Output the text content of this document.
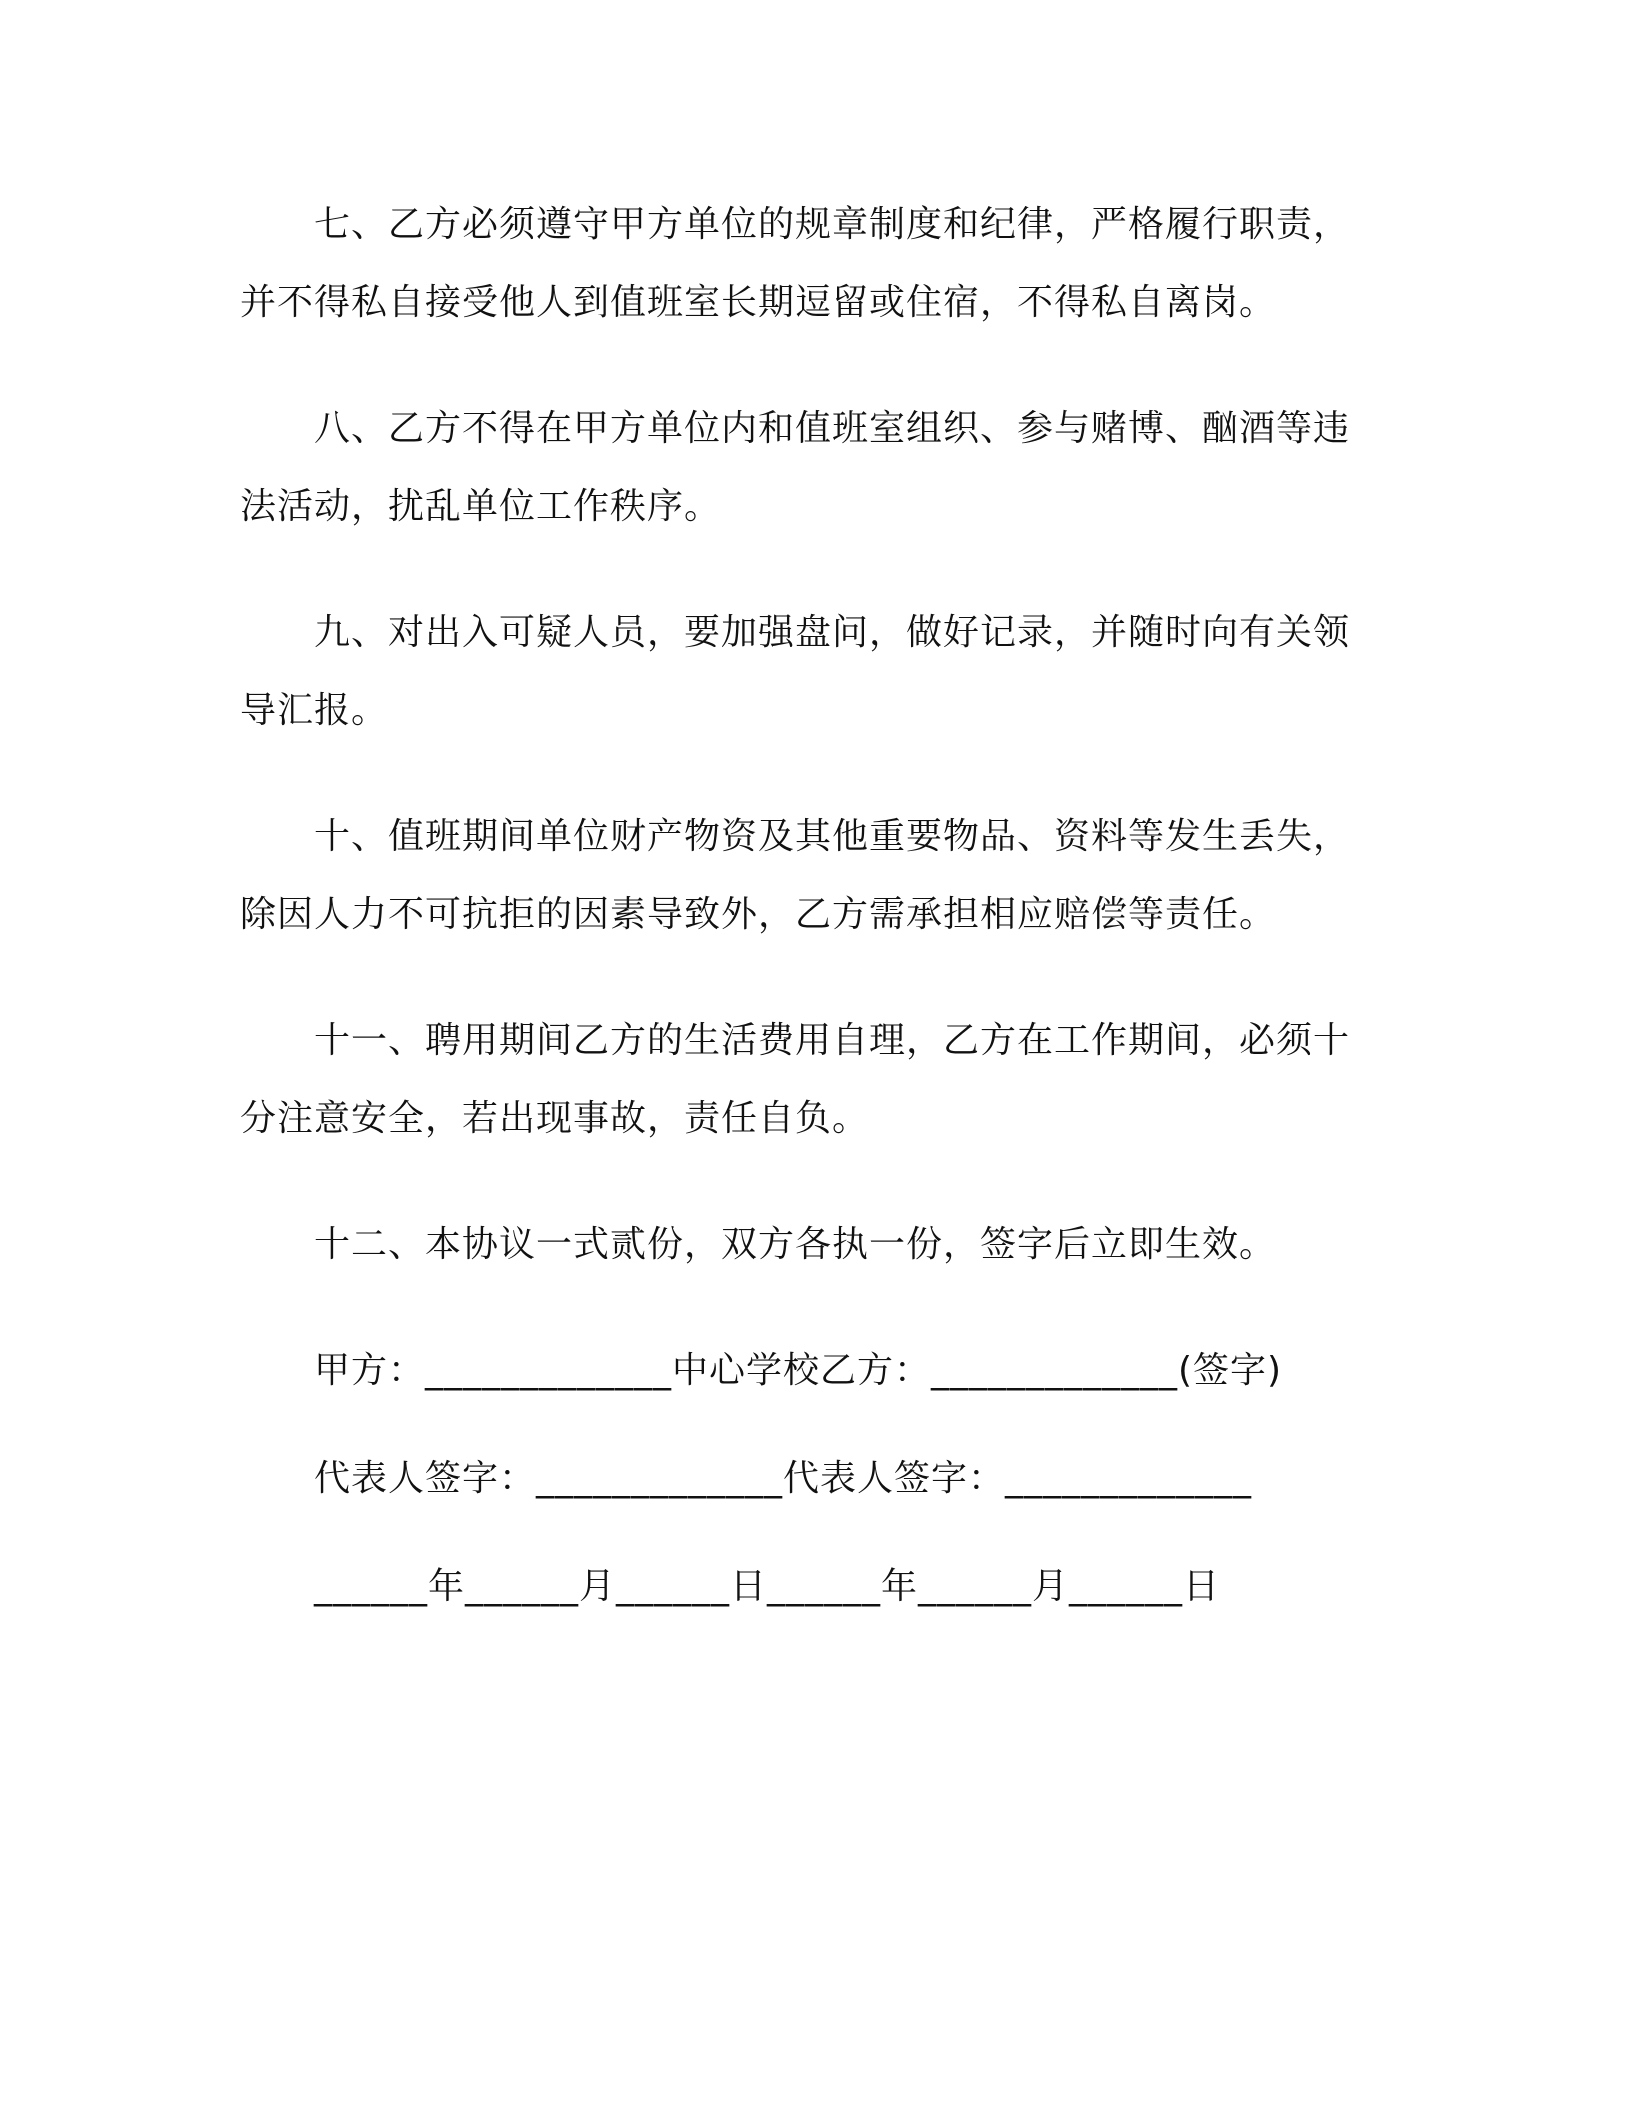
七、乙方必须遵守甲方单位的规章制度和纪律，严格履行职责，并不得私自接受他人到值班室长期逗留或住宿，不得私自离岗。

八、乙方不得在甲方单位内和值班室组织、参与赌博、酗酒等违法活动，扰乱单位工作秩序。

九、对出入可疑人员，要加强盘问，做好记录，并随时向有关领导汇报。

十、值班期间单位财产物资及其他重要物品、资料等发生丢失，除因人力不可抗拒的因素导致外，乙方需承担相应赔偿等责任。

十一、聘用期间乙方的生活费用自理，乙方在工作期间，必须十分注意安全，若出现事故，责任自负。

十二、本协议一式贰份，双方各执一份，签字后立即生效。

甲方：_____________中心学校乙方：_____________(签字)
代表人签字：_____________代表人签字：_____________
______年______月______日______年______月______日
